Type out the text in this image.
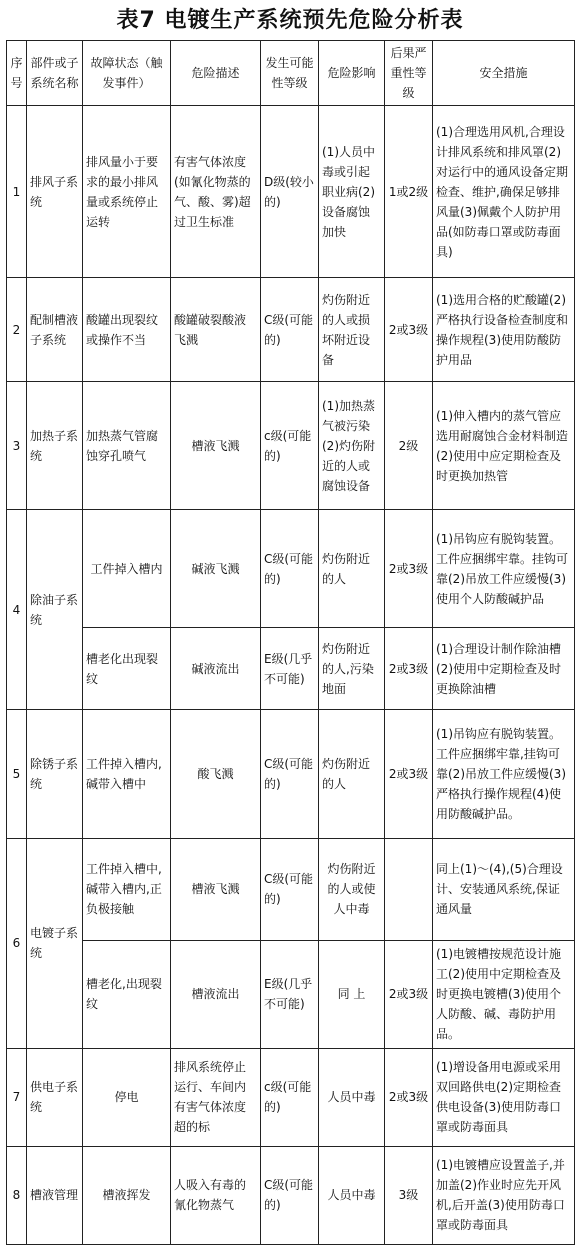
表7 电镀生产系统预先危险分析表
序号	部件或子系统名称	故障状态（触发事件）	危险描述	发生可能性等级	危险影响	后果严重性等级	安全措施
1	排风子系统	排风量小于要求的最小排风量或系统停止运转	有害气体浓度(如氰化物蒸的气、酸、雾)超过卫生标准	D级(较小的)	(1)人员中毒或引起职业病(2)设备腐蚀加快	1或2级	(1)合理选用风机,合理设计排风系统和排风罩(2)对运行中的通风设备定期检查、维护,确保足够排风量(3)佩戴个人防护用品(如防毒口罩或防毒面具)
2	配制槽液子系统	酸罐出现裂纹或操作不当	酸罐破裂酸液飞溅	C级(可能的)	灼伤附近的人或损坏附近设备	2或3级	(1)选用合格的贮酸罐(2)严格执行设备检查制度和操作规程(3)使用防酸防护用品
3	加热子系统	加热蒸气管腐蚀穿孔喷气	槽液飞溅	c级(可能的)	(1)加热蒸气被污染(2)灼伤附近的人或腐蚀设备	2级	(1)伸入槽内的蒸气管应选用耐腐蚀合金材料制造(2)使用中应定期检查及时更换加热管
4	除油子系统	工件掉入槽内	碱液飞溅	C级(可能的)	灼伤附近的人	2或3级	(1)吊钩应有脱钩装置。工件应捆绑牢靠。挂钩可靠(2)吊放工件应缓慢(3)使用个人防酸碱护品
		槽老化出现裂纹	碱液流出	E级(几乎不可能)	灼伤附近的人,污染地面	2或3级	(1)合理设计制作除油槽(2)使用中定期检查及时更换除油槽
5	除锈子系统	工件掉入槽内,碱带入槽中	酸飞溅	C级(可能的)	灼伤附近的人	2或3级	(1)吊钩应有脱钩装置。工件应捆绑牢靠,挂钩可靠(2)吊放工件应缓慢(3)严格执行操作规程(4)使用防酸碱护品。
6	电镀子系统	工件掉入槽中,碱带入槽内,正负极接触	槽液飞溅	C级(可能的)	灼伤附近的人或使人中毒		同上(1)～(4),(5)合理设计、安装通风系统,保证通风量
		槽老化,出现裂纹	槽液流出	E级(几乎不可能)	同 上	2或3级	(1)电镀槽按规范设计施工(2)使用中定期检查及时更换电镀槽(3)使用个人防酸、碱、毒防护用品。
7	供电子系统	停电	排风系统停止运行、车间内有害气体浓度超的标	c级(可能的)	人员中毒	2或3级	(1)增设备用电源或采用双回路供电(2)定期检查供电设备(3)使用防毒口罩或防毒面具
8	槽液管理	槽液挥发	人吸入有毒的氰化物蒸气	C级(可能的)	人员中毒	3级	(1)电镀槽应设置盖子,并加盖(2)作业时应先开风机,后开盖(3)使用防毒口罩或防毒面具
